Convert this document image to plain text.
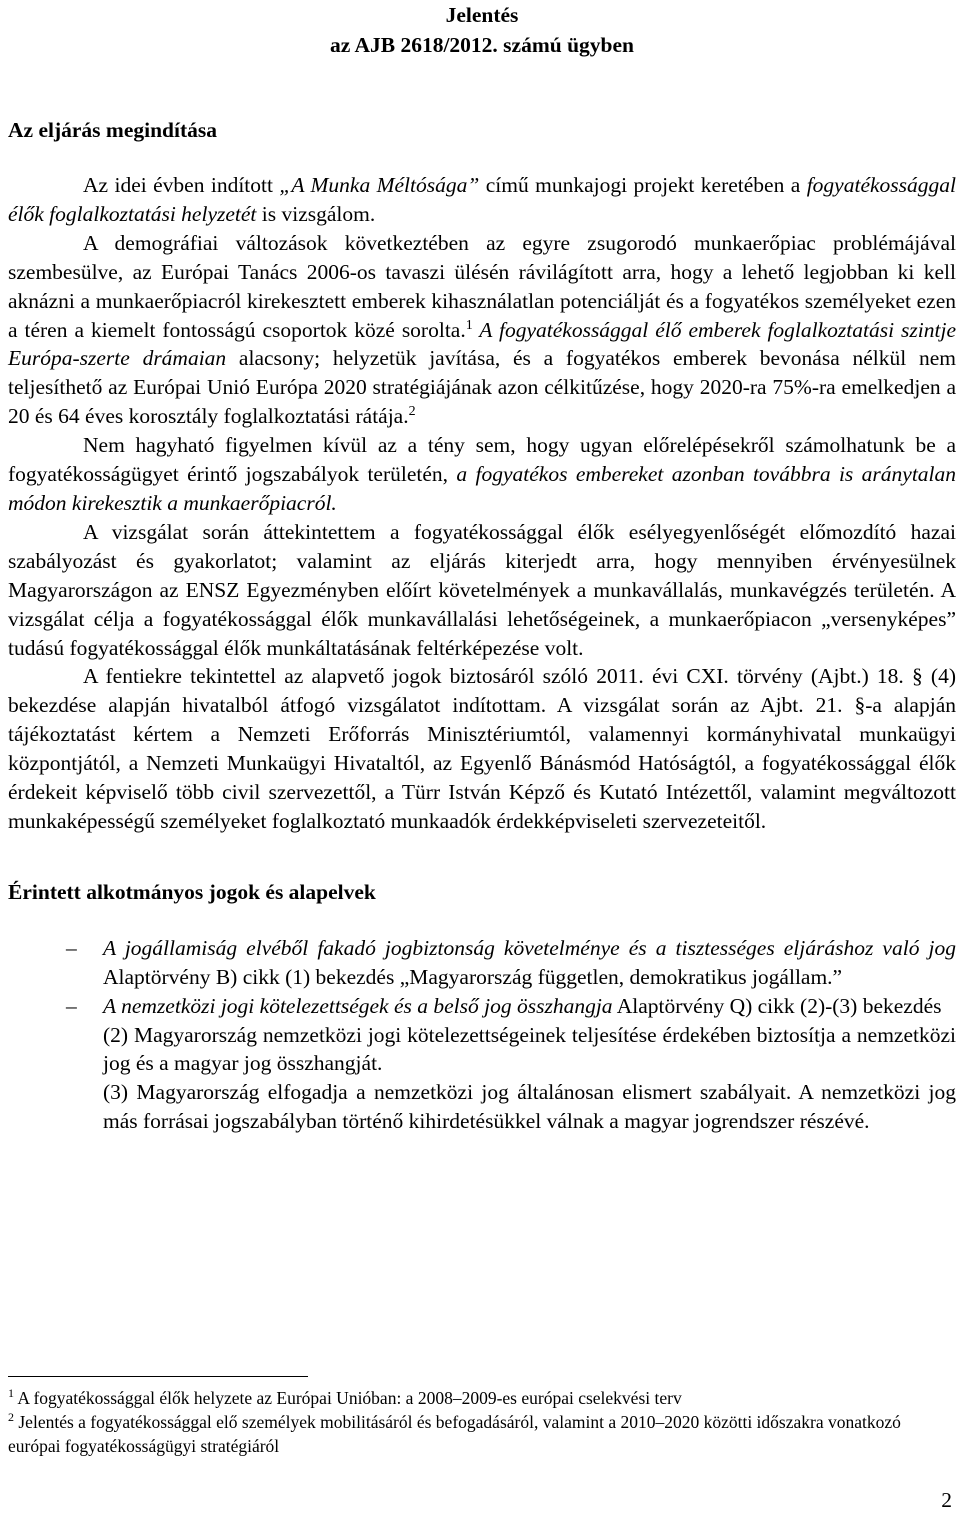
Jelentés
az AJB 2618/2012. számú ügyben
Az eljárás megindítása

Az idei évben indított „A Munka Méltósága” című munkajogi projekt keretében a fogyatékossággal élők foglalkoztatási helyzetét is vizsgálom.

A demográfiai változások következtében az egyre zsugorodó munkaerőpiac problémájával szembesülve, az Európai Tanács 2006-os tavaszi ülésén rávilágított arra, hogy a lehető legjobban ki kell aknázni a munkaerőpiacról kirekesztett emberek kihasználatlan potenciálját és a fogyatékos személyeket ezen a téren a kiemelt fontosságú csoportok közé sorolta.$^1$ A fogyatékossággal élő emberek foglalkoztatási szintje Európa-szerte drámaian alacsony; helyzetük javítása, és a fogyatékos emberek bevonása nélkül nem teljesíthető az Európai Unió Európa 2020 stratégiájának azon célkitűzése, hogy 2020-ra 75%-ra emelkedjen a 20 és 64 éves korosztály foglalkoztatási rátája.$^2$

Nem hagyható figyelmen kívül az a tény sem, hogy ugyan előrelépésekről számolhatunk be a fogyatékosságügyet érintő jogszabályok területén, a fogyatékos embereket azonban továbbra is aránytalan módon kirekesztik a munkaerőpiacról.

A vizsgálat során áttekintettem a fogyatékossággal élők esélyegyenlőségét előmozdító hazai szabályozást és gyakorlatot; valamint az eljárás kiterjedt arra, hogy mennyiben érvényesülnek Magyarországon az ENSZ Egyezményben előírt követelmények a munkavállalás, munkavégzés területén. A vizsgálat célja a fogyatékossággal élők munkavállalási lehetőségeinek, a munkaerőpiacon „versenyképes” tudású fogyatékossággal élők munkáltatásának feltérképezése volt.

A fentiekre tekintettel az alapvető jogok biztosáról szóló 2011. évi CXI. törvény (Ajbt.) 18. § (4) bekezdése alapján hivatalból átfogó vizsgálatot indítottam. A vizsgálat során az Ajbt. 21. §-a alapján tájékoztatást kértem a Nemzeti Erőforrás Minisztériumtól, valamennyi kormányhivatal munkaügyi központjától, a Nemzeti Munkaügyi Hivataltól, az Egyenlő Bánásmód Hatóságtól, a fogyatékossággal élők érdekeit képviselő több civil szervezettől, a Türr István Képző és Kutató Intézettől, valamint megváltozott munkaképességű személyeket foglalkoztató munkaadók érdekképviseleti szervezeteitől.

Érintett alkotmányos jogok és alapelvek
– A jogállamiság elvéből fakadó jogbiztonság követelménye és a tisztességes eljáráshoz való jog Alaptörvény B) cikk (1) bekezdés „Magyarország független, demokratikus jogállam.”
– A nemzetközi jogi kötelezettségek és a belső jog összhangja Alaptörvény Q) cikk (2)-(3) bekezdés

(2) Magyarország nemzetközi jogi kötelezettségeinek teljesítése érdekében biztosítja a nemzetközi jog és a magyar jog összhangját.

(3) Magyarország elfogadja a nemzetközi jog általánosan elismert szabályait. A nemzetközi jog más forrásai jogszabályban történő kihirdetésükkel válnak a magyar jogrendszer részévé.

$^1$ A fogyatékossággal élők helyzete az Európai Unióban: a 2008–2009-es európai cselekvési terv
$^2$ Jelentés a fogyatékossággal elő személyek mobilitásáról és befogadásáról, valamint a 2010–2020 közötti időszakra vonatkozó európai fogyatékosságügyi stratégiáról
2
